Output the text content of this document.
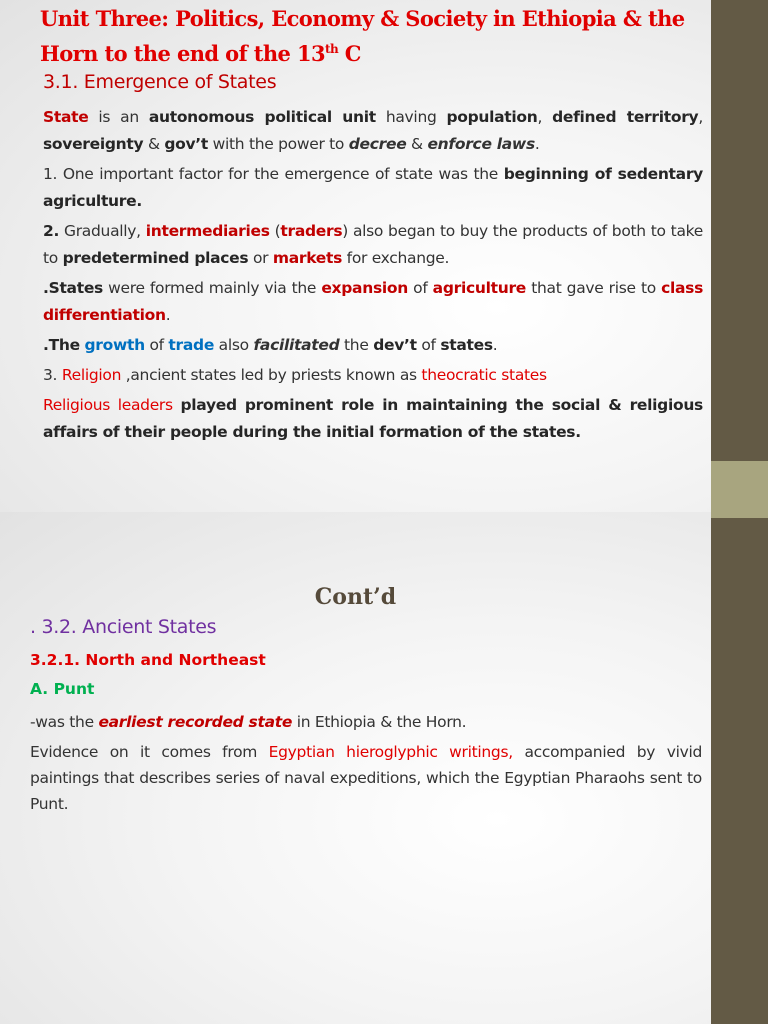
Unit Three: Politics, Economy & Society in Ethiopia & the Horn to the end of the 13th C
3.1. Emergence of States

State is an autonomous political unit having population, defined territory, sovereignty & gov’t with the power to decree & enforce laws.

1. One important factor for the emergence of state was the beginning of sedentary agriculture.

2. Gradually, intermediaries (traders) also began to buy the products of both to take to predetermined places or markets for exchange.

.States were formed mainly via the expansion of agriculture that gave rise to class differentiation.

.The growth of trade also facilitated the dev’t of states.

3. Religion ,ancient states led by priests known as theocratic states

Religious leaders played prominent role in maintaining the social & religious affairs of their people during the initial formation of the states.

Cont’d
. 3.2. Ancient States
3.2.1. North and Northeast
A. Punt

-was the earliest recorded state in Ethiopia & the Horn.

Evidence on it comes from Egyptian hieroglyphic writings, accompanied by vivid paintings that describes series of naval expeditions, which the Egyptian Pharaohs sent to Punt.
